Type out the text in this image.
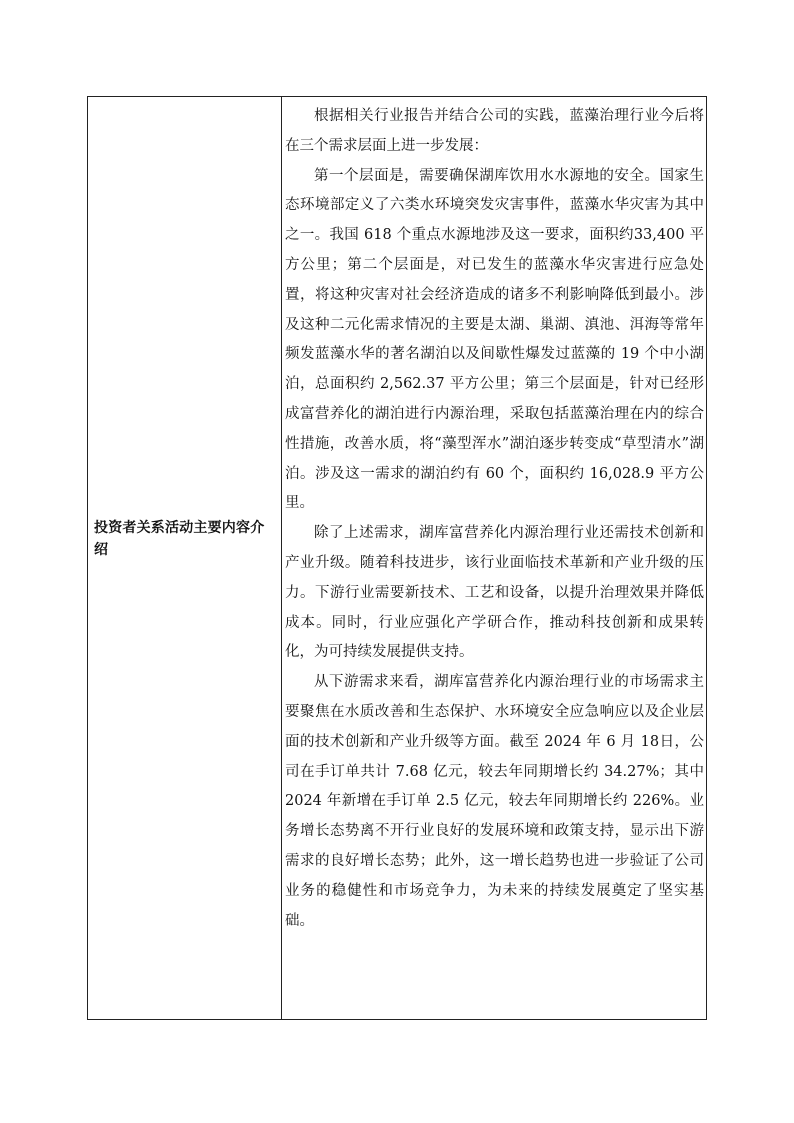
投资者关系活动主要内容介绍

根据相关行业报告并结合公司的实践，蓝藻治理行业今后将在三个需求层面上进一步发展：

第一个层面是，需要确保湖库饮用水水源地的安全。国家生态环境部定义了六类水环境突发灾害事件，蓝藻水华灾害为其中之一。我国 618 个重点水源地涉及这一要求，面积约33,400 平方公里；第二个层面是，对已发生的蓝藻水华灾害进行应急处置，将这种灾害对社会经济造成的诸多不利影响降低到最小。涉及这种二元化需求情况的主要是太湖、巢湖、滇池、洱海等常年频发蓝藻水华的著名湖泊以及间歇性爆发过蓝藻的 19 个中小湖泊，总面积约 2,562.37 平方公里；第三个层面是，针对已经形成富营养化的湖泊进行内源治理，采取包括蓝藻治理在内的综合性措施，改善水质，将“藻型浑水”湖泊逐步转变成“草型清水”湖泊。涉及这一需求的湖泊约有 60 个，面积约 16,028.9 平方公里。

除了上述需求，湖库富营养化内源治理行业还需技术创新和产业升级。随着科技进步，该行业面临技术革新和产业升级的压力。下游行业需要新技术、工艺和设备，以提升治理效果并降低成本。同时，行业应强化产学研合作，推动科技创新和成果转化，为可持续发展提供支持。

从下游需求来看，湖库富营养化内源治理行业的市场需求主要聚焦在水质改善和生态保护、水环境安全应急响应以及企业层面的技术创新和产业升级等方面。截至 2024 年 6 月 18日，公司在手订单共计 7.68 亿元，较去年同期增长约 34.27%；其中 2024 年新增在手订单 2.5 亿元，较去年同期增长约 226%。业务增长态势离不开行业良好的发展环境和政策支持，显示出下游需求的良好增长态势；此外，这一增长趋势也进一步验证了公司业务的稳健性和市场竞争力，为未来的持续发展奠定了坚实基础。
